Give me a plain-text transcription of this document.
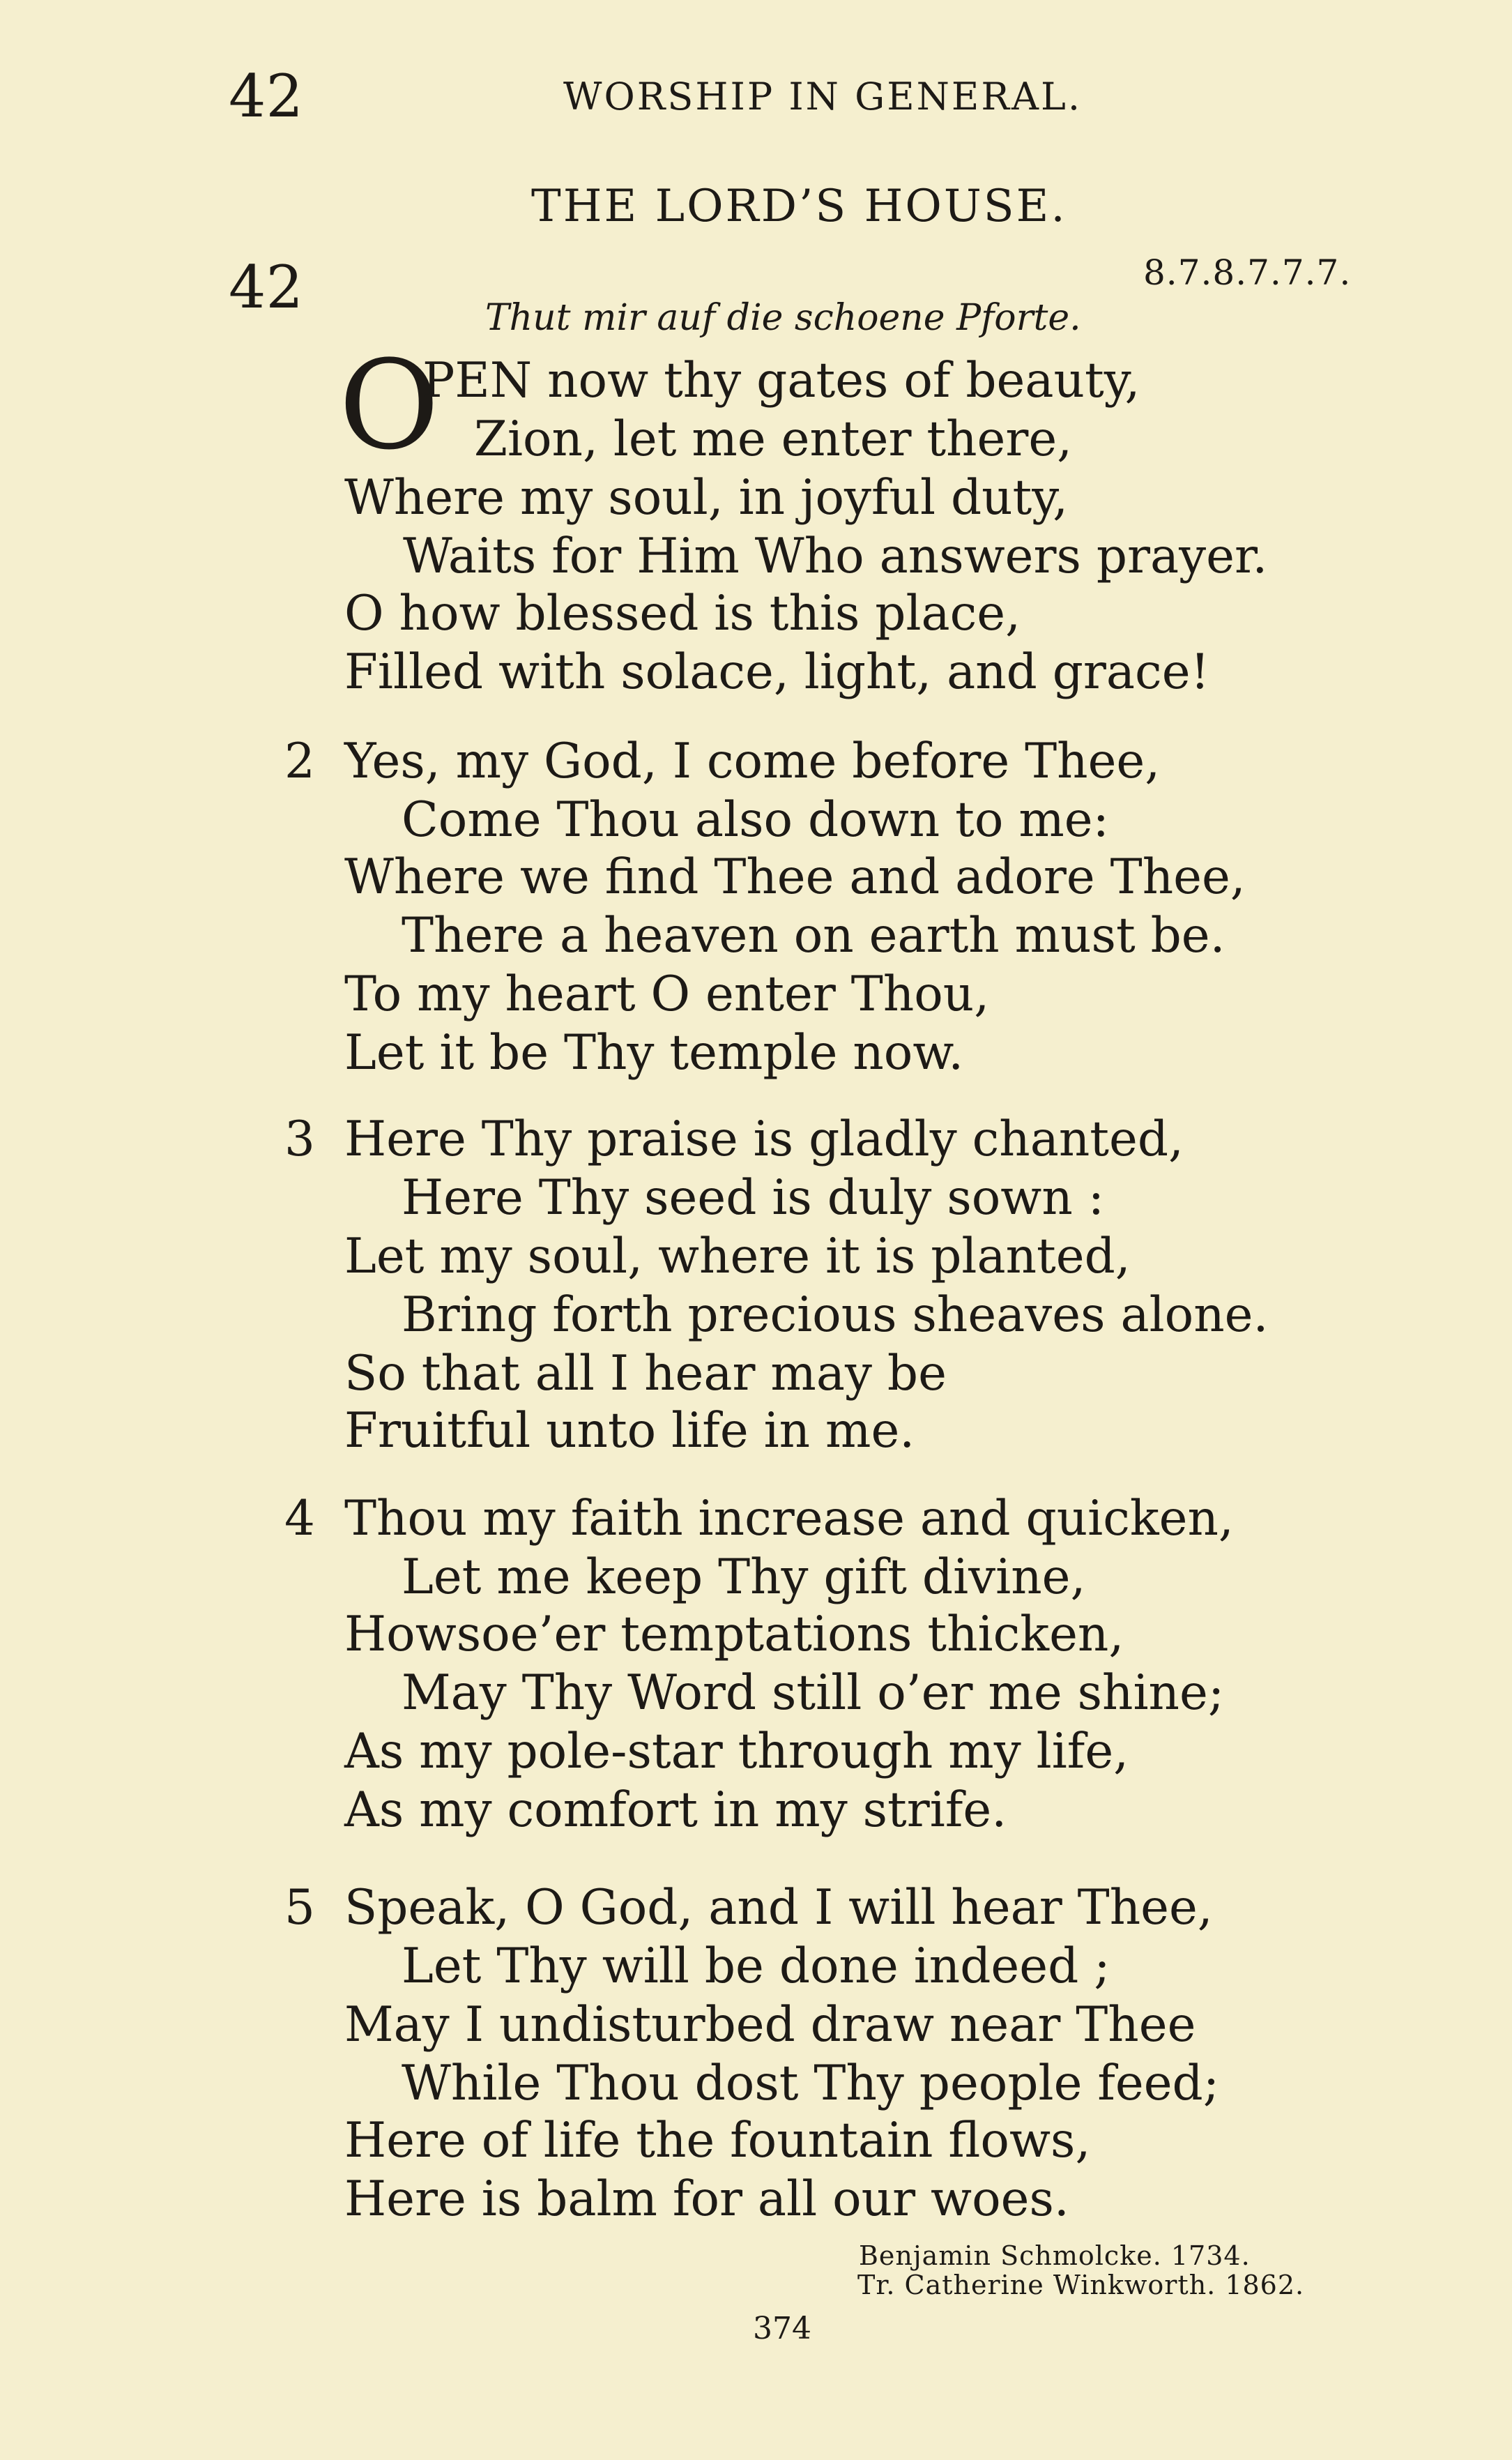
42	WORSHIP IN GENERAL.
THE LORD’S HOUSE.
42	8.7.8.7.7.7.
Thut mir auf die schoene Pforte.
O
PEN now thy gates of beauty,
Zion, let me enter there,
Where my soul, in joyful duty,
Waits for Him Who answers prayer.
O how blessed is this place,
Filled with solace, light, and grace!
2 Yes, my God, I come before Thee,
Come Thou also down to me:
Where we find Thee and adore Thee,
There a heaven on earth must be.
To my heart O enter Thou,
Let it be Thy temple now.
3 Here Thy praise is gladly chanted,
Here Thy seed is duly sown :
Let my soul, where it is planted,
Bring forth precious sheaves alone.
So that all I hear may be
Fruitful unto life in me.
4 Thou my faith increase and quicken,
Let me keep Thy gift divine,
Howsoe’er temptations thicken,
May Thy Word still o’er me shine;
As my pole-star through my life,
As my comfort in my strife.
5 Speak, O God, and I will hear Thee,
Let Thy will be done indeed ;
May I undisturbed draw near Thee
While Thou dost Thy people feed;
Here of life the fountain flows,
Here is balm for all our woes.
Benjamin Schmolcke. 1734.
Tr. Catherine Winkworth. 1862.
374
